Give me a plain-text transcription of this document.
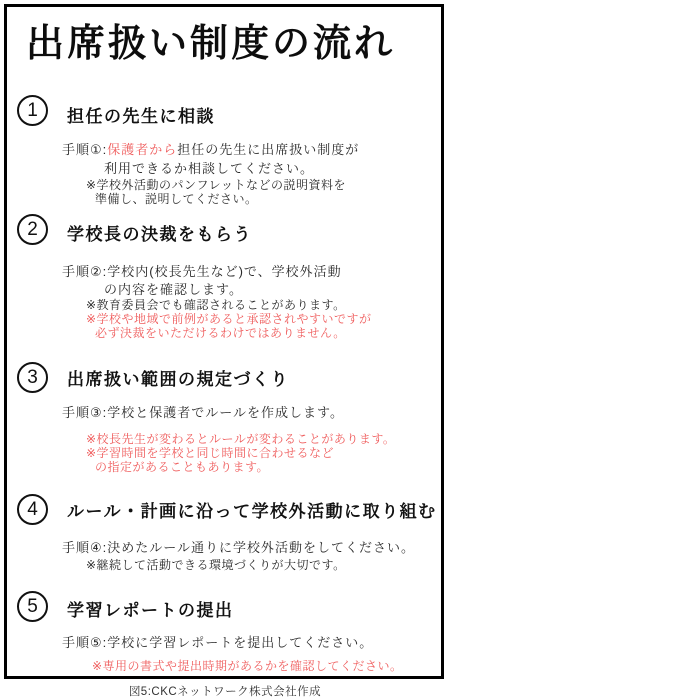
出席扱い制度の流れ
1	担任の先生に相談

手順①:保護者から担任の先生に出席扱い制度が

利用できるか相談してください。

※学校外活動のパンフレットなどの説明資料を

準備し、説明してください。

2	学校長の決裁をもらう

手順②:学校内(校長先生など)で、学校外活動

の内容を確認します。

※教育委員会でも確認されることがあります。

※学校や地域で前例があると承認されやすいですが

必ず決裁をいただけるわけではありません。

3	出席扱い範囲の規定づくり

手順③:学校と保護者でルールを作成します。

※校長先生が変わるとルールが変わることがあります。

※学習時間を学校と同じ時間に合わせるなど

の指定があることもあります。

4	ルール・計画に沿って学校外活動に取り組む

手順④:決めたルール通りに学校外活動をしてください。

※継続して活動できる環境づくりが大切です。

5	学習レポートの提出

手順⑤:学校に学習レポートを提出してください。

※専用の書式や提出時期があるかを確認してください。

図5:CKCネットワーク株式会社作成
